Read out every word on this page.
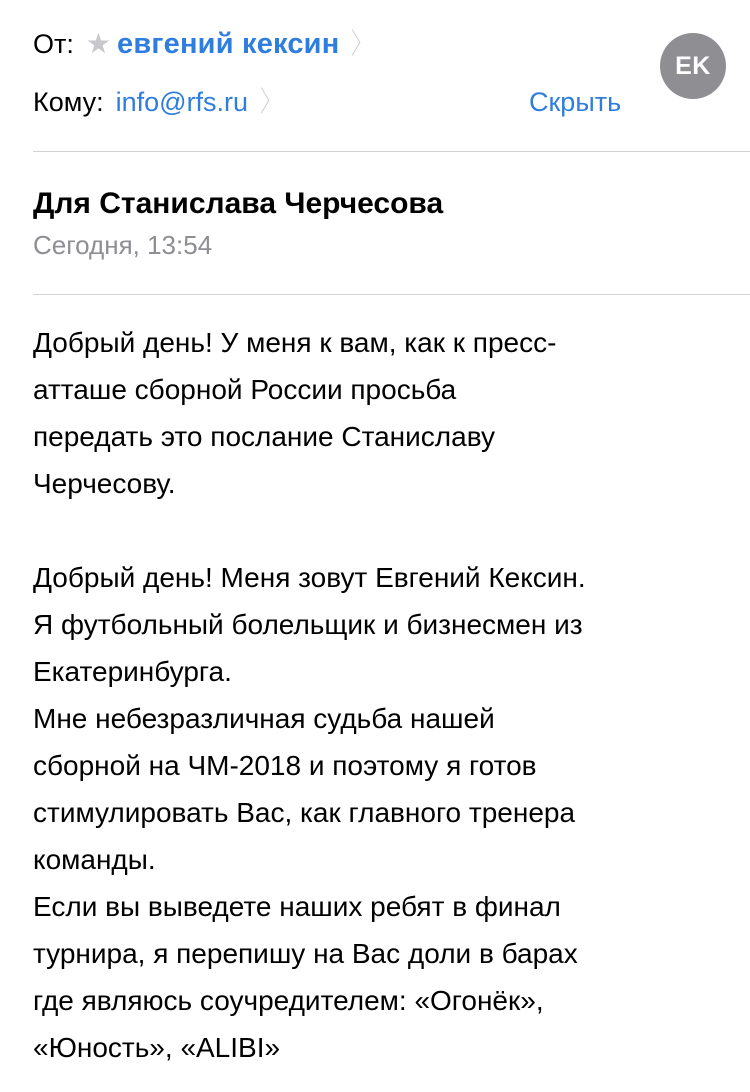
От: ★ евгений кексин 〉
Кому: info@rfs.ru 〉	Скрыть
EK
Для Станислава Черчесова
Сегодня, 13:54
Добрый день! У меня к вам, как к пресс-
атташе сборной России просьба
передать это послание Станиславу
Черчесову.
Добрый день! Меня зовут Евгений Кексин.
Я футбольный болельщик и бизнесмен из
Екатеринбурга.
Мне небезразличная судьба нашей
сборной на ЧМ-2018 и поэтому я готов
стимулировать Вас, как главного тренера
команды.
Если вы выведете наших ребят в финал
турнира, я перепишу на Вас доли в барах
где являюсь соучредителем: «Огонёк»,
«Юность», «ALIBI»
